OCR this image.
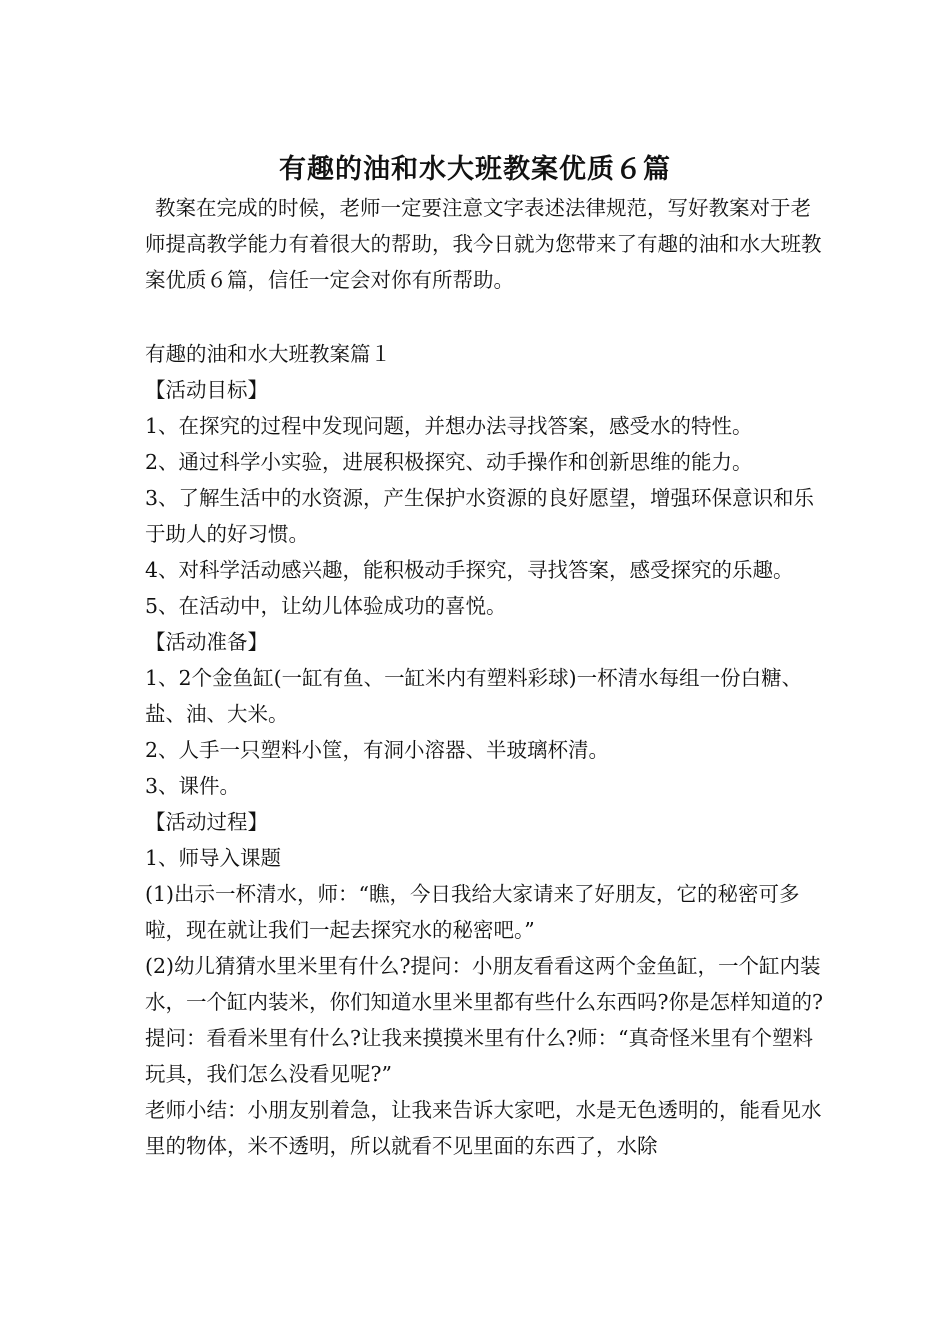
有趣的油和水大班教案优质６篇

教案在完成的时候，老师一定要注意文字表述法律规范，写好教案对于老师提高教学能力有着很大的帮助，我今日就为您带来了有趣的油和水大班教案优质６篇，信任一定会对你有所帮助。

有趣的油和水大班教案篇１

【活动目标】

1、在探究的过程中发现问题，并想办法寻找答案，感受水的特性。

2、通过科学小实验，进展积极探究、动手操作和创新思维的能力。

3、了解生活中的水资源，产生保护水资源的良好愿望，增强环保意识和乐于助人的好习惯。

4、对科学活动感兴趣，能积极动手探究，寻找答案，感受探究的乐趣。

5、在活动中，让幼儿体验成功的喜悦。

【活动准备】

1、2个金鱼缸(一缸有鱼、一缸米内有塑料彩球)一杯清水每组一份白糖、盐、油、大米。

2、人手一只塑料小筐，有洞小溶器、半玻璃杯清。

3、课件。

【活动过程】

1、师导入课题

(1)出示一杯清水，师：“瞧，今日我给大家请来了好朋友，它的秘密可多啦，现在就让我们一起去探究水的秘密吧。”

(2)幼儿猜猜水里米里有什么?提问：小朋友看看这两个金鱼缸，一个缸内装水，一个缸内装米，你们知道水里米里都有些什么东西吗?你是怎样知道的?提问：看看米里有什么?让我来摸摸米里有什么?师：“真奇怪米里有个塑料玩具，我们怎么没看见呢?”

老师小结：小朋友别着急，让我来告诉大家吧，水是无色透明的，能看见水里的物体，米不透明，所以就看不见里面的东西了，水除
